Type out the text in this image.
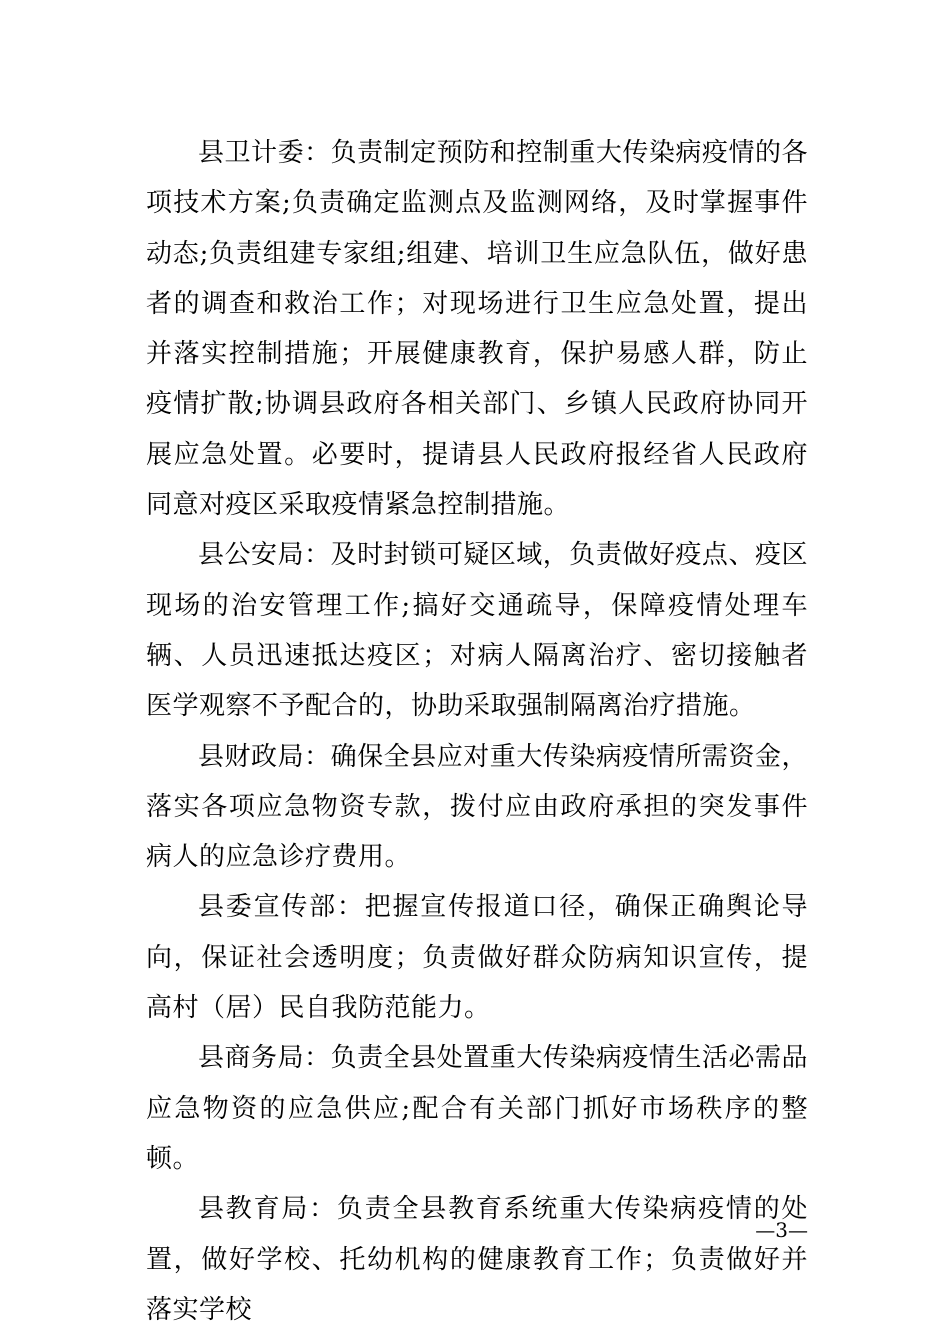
县卫计委：负责制定预防和控制重大传染病疫情的各项技术方案;负责确定监测点及监测网络，及时掌握事件动态;负责组建专家组;组建、培训卫生应急队伍，做好患者的调查和救治工作；对现场进行卫生应急处置，提出并落实控制措施；开展健康教育，保护易感人群，防止疫情扩散;协调县政府各相关部门、乡镇人民政府协同开展应急处置。必要时，提请县人民政府报经省人民政府同意对疫区采取疫情紧急控制措施。

县公安局：及时封锁可疑区域，负责做好疫点、疫区现场的治安管理工作;搞好交通疏导，保障疫情处理车辆、人员迅速抵达疫区；对病人隔离治疗、密切接触者医学观察不予配合的，协助采取强制隔离治疗措施。

县财政局：确保全县应对重大传染病疫情所需资金，落实各项应急物资专款，拨付应由政府承担的突发事件病人的应急诊疗费用。

县委宣传部：把握宣传报道口径，确保正确舆论导向，保证社会透明度；负责做好群众防病知识宣传，提高村（居）民自我防范能力。

县商务局：负责全县处置重大传染病疫情生活必需品应急物资的应急供应;配合有关部门抓好市场秩序的整顿。

县教育局：负责全县教育系统重大传染病疫情的处置，做好学校、托幼机构的健康教育工作；负责做好并落实学校

—3—
